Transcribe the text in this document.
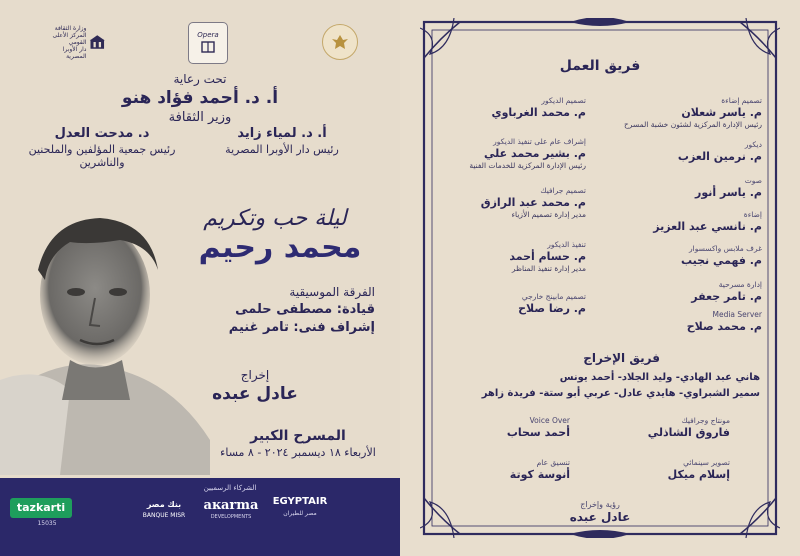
وزارة الثقافة
المركز الأعلى القومي
دار الأوبرا المصرية
Opera
تحت رعاية
أ. د. أحمد فؤاد هنو
وزير الثقافة
أ. د. لمياء زايد
رئيس دار الأوبرا المصرية
د. مدحت العدل
رئيس جمعية المؤلفين والملحنين والناشرين
ليلة حب وتكريم
محمد رحيم
الفرقة الموسيقية
قيادة: مصطفى حلمى
إشراف فنى: تامر غنيم
إخراج
عادل عبده
المسرح الكبير
الأربعاء ١٨ ديسمبر ٢٠٢٤ - ٨ مساء
الشركاء الرسميين
EGYPTAIR
مصر للطيران
aĸarma
DEVELOPMENTS
بنك مصر
BANQUE MISR
tazkarti
15035
فريق العمل
تصميم إضاءة
م. ياسر شعلان
رئيس الإدارة المركزية لشئون خشبة المسرح
ديكور
م. نرمين العزب
صوت
م. ياسر أنور
إضاءة
م. نانسي عبد العزيز
غرف ملابس واكسسوار
م. فهمي نجيب
إدارة مسرحية
م. تامر جعفر
Media Server
م. محمد صلاح
تصميم الديكور
م. محمد الغرباوي
إشراف عام على تنفيذ الديكور
م. بشير محمد علي
رئيس الإدارة المركزية للخدمات الفنية
تصميم جرافيك
م. محمد عبد الرازق
مدير إدارة تصميم الأزياء
تنفيذ الديكور
م. حسام أحمد
مدير إدارة تنفيذ المناظر
تصميم مابينج خارجي
م. رضا صلاح
فريق الإخراج
هاني عبد الهادي- وليد الجلاد- أحمد يونس
سمير الشبراوي- هايدي عادل- عربي أبو ستة- فريدة زاهر
مونتاج وجرافيك
فاروق الشاذلي
Voice Over
أحمد سحاب
تصوير سينمائي
إسلام ميكل
تنسيق عام
أنوسة كوتة
رؤية وإخراج
عادل عبده
